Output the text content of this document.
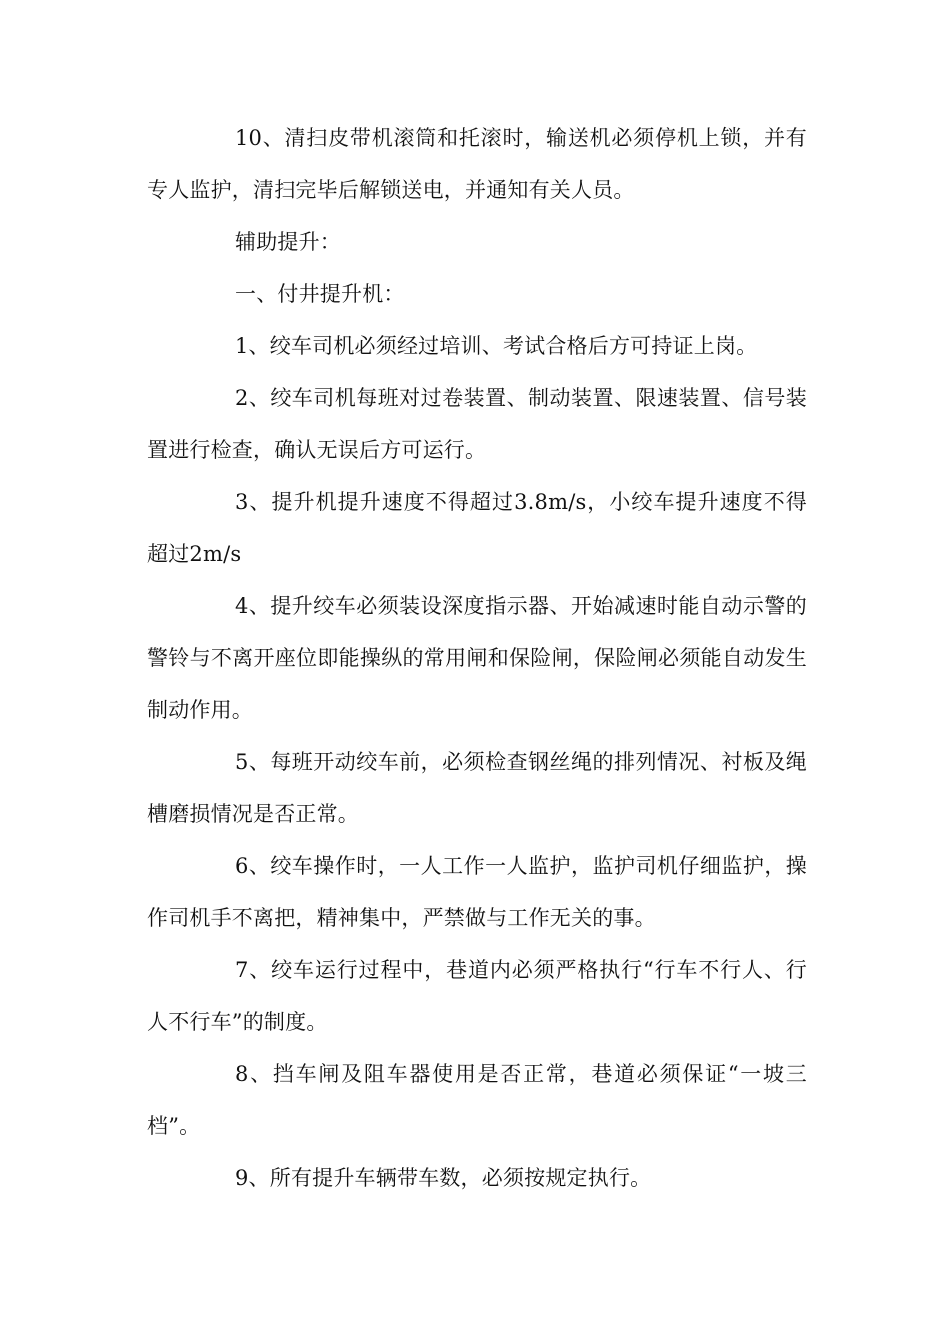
10、清扫皮带机滚筒和托滚时，输送机必须停机上锁，并有专人监护，清扫完毕后解锁送电，并通知有关人员。

辅助提升：

一、付井提升机：

1、绞车司机必须经过培训、考试合格后方可持证上岗。

2、绞车司机每班对过卷装置、制动装置、限速装置、信号装置进行检查，确认无误后方可运行。

3、提升机提升速度不得超过3.8m/s，小绞车提升速度不得超过2m/s

4、提升绞车必须装设深度指示器、开始减速时能自动示警的警铃与不离开座位即能操纵的常用闸和保险闸，保险闸必须能自动发生制动作用。

5、每班开动绞车前，必须检查钢丝绳的排列情况、衬板及绳槽磨损情况是否正常。

6、绞车操作时，一人工作一人监护，监护司机仔细监护，操作司机手不离把，精神集中，严禁做与工作无关的事。

7、绞车运行过程中，巷道内必须严格执行“行车不行人、行人不行车”的制度。

8、挡车闸及阻车器使用是否正常，巷道必须保证“一坡三档”。

9、所有提升车辆带车数，必须按规定执行。
